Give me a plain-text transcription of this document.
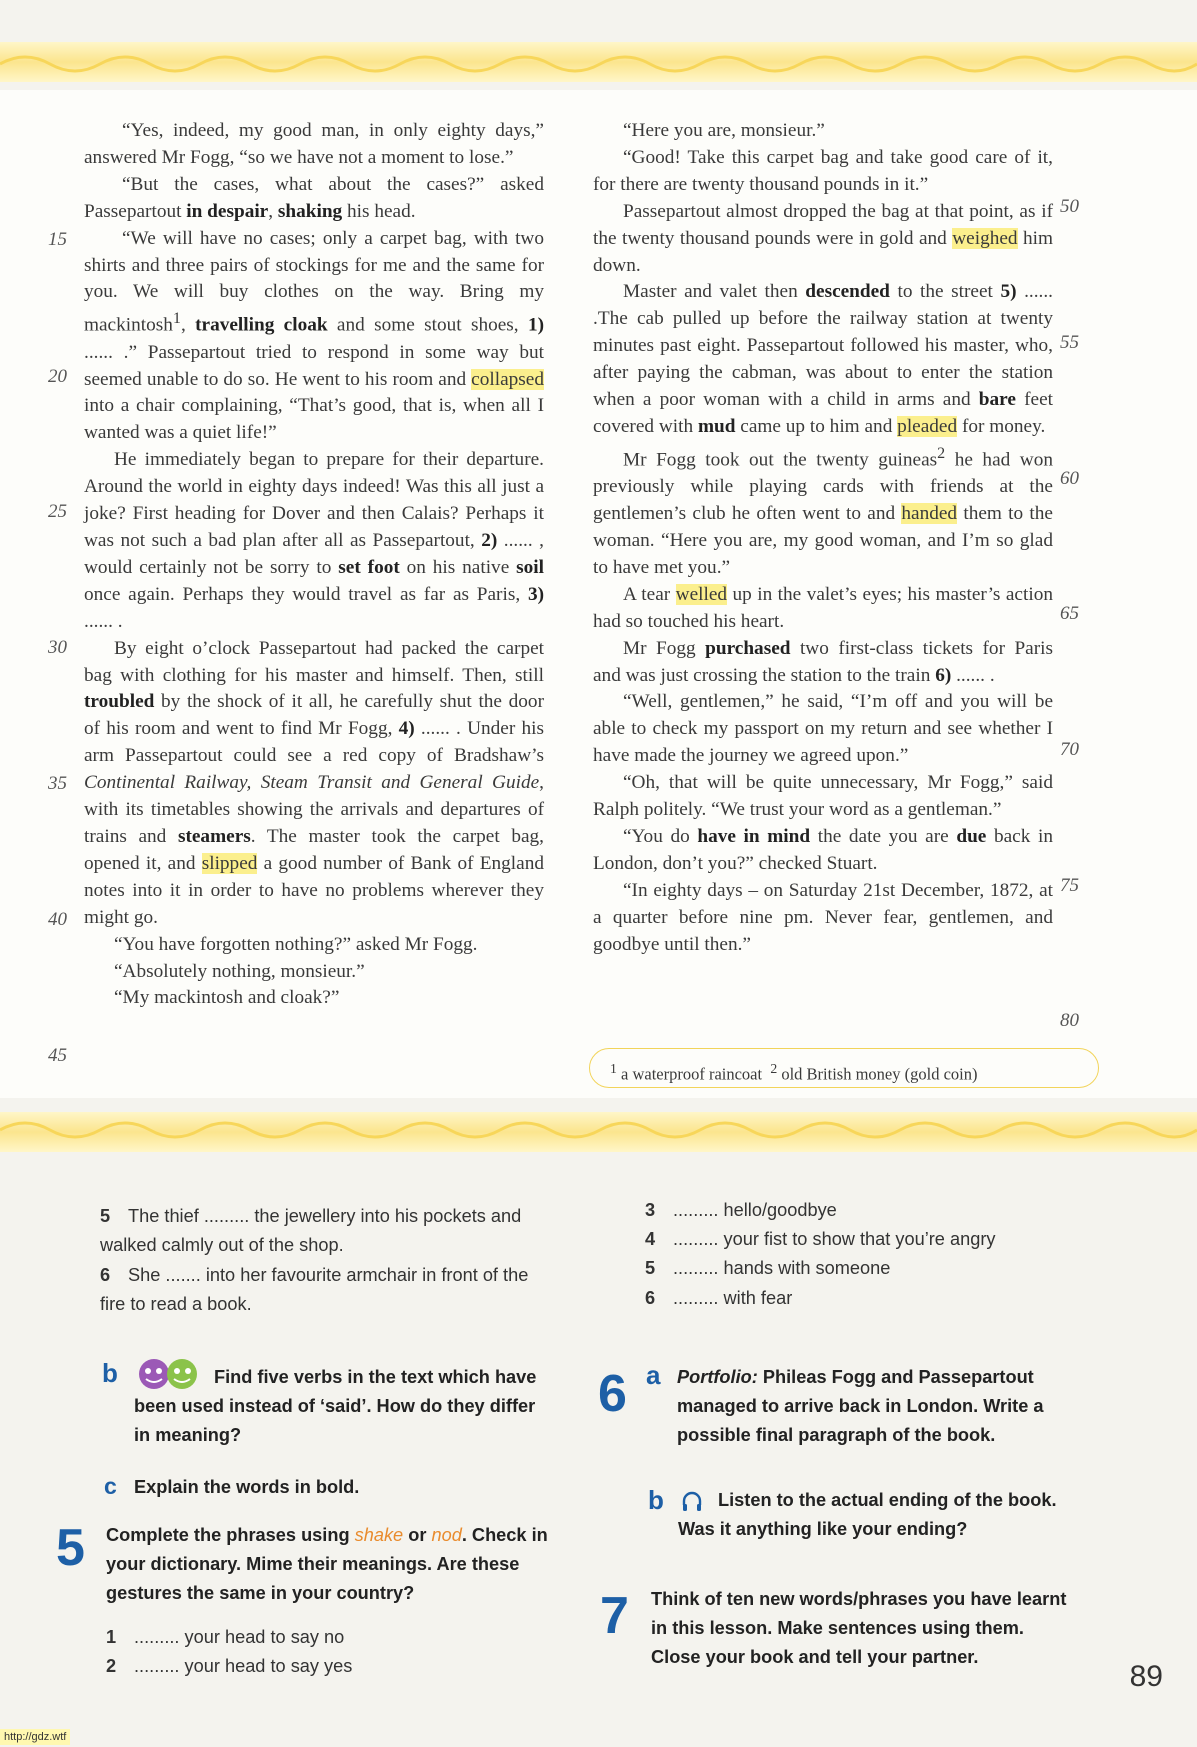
“Yes, indeed, my good man, in only eighty days,” answered Mr Fogg, “so we have not a moment to lose.”

“But the cases, what about the cases?” asked Passepartout in despair, shaking his head.

“We will have no cases; only a carpet bag, with two shirts and three pairs of stockings for me and the same for you. We will buy clothes on the way. Bring my mackintosh$^1$, travelling cloak and some stout shoes, 1) ...... .” Passepartout tried to respond in some way but seemed unable to do so. He went to his room and collapsed into a chair complaining, “That’s good, that is, when all I wanted was a quiet life!”

He immediately began to prepare for their departure. Around the world in eighty days indeed! Was this all just a joke? First heading for Dover and then Calais? Perhaps it was not such a bad plan after all as Passepartout, 2) ...... , would certainly not be sorry to set foot on his native soil once again. Perhaps they would travel as far as Paris, 3) ...... .

By eight o’clock Passepartout had packed the carpet bag with clothing for his master and himself. Then, still troubled by the shock of it all, he carefully shut the door of his room and went to find Mr Fogg, 4) ...... . Under his arm Passepartout could see a red copy of Bradshaw’s Continental Railway, Steam Transit and General Guide, with its timetables showing the arrivals and departures of trains and steamers. The master took the carpet bag, opened it, and slipped a good number of Bank of England notes into it in order to have no problems wherever they might go.

“You have forgotten nothing?” asked Mr Fogg.

“Absolutely nothing, monsieur.”

“My mackintosh and cloak?”

15
20
25
30
35
40
45

“Here you are, monsieur.”

“Good! Take this carpet bag and take good care of it, for there are twenty thousand pounds in it.”

Passepartout almost dropped the bag at that point, as if the twenty thousand pounds were in gold and weighed him down.

Master and valet then descended to the street 5) ...... .The cab pulled up before the railway station at twenty minutes past eight. Passepartout followed his master, who, after paying the cabman, was about to enter the station when a poor woman with a child in arms and bare feet covered with mud came up to him and pleaded for money.

Mr Fogg took out the twenty guineas$^2$ he had won previously while playing cards with friends at the gentlemen’s club he often went to and handed them to the woman. “Here you are, my good woman, and I’m so glad to have met you.”

A tear welled up in the valet’s eyes; his master’s action had so touched his heart.

Mr Fogg purchased two first-class tickets for Paris and was just crossing the station to the train 6) ...... .

“Well, gentlemen,” he said, “I’m off and you will be able to check my passport on my return and see whether I have made the journey we agreed upon.”

“Oh, that will be quite unnecessary, Mr Fogg,” said Ralph politely. “We trust your word as a gentleman.”

“You do have in mind the date you are due back in London, don’t you?” checked Stuart.

“In eighty days – on Saturday 21st December, 1872, at a quarter before nine pm. Never fear, gentlemen, and goodbye until then.”

50
55
60
65
70
75
80
$^1$ a waterproof raincoat $^2$ old British money (gold coin)
5 The thief ......... the jewellery into his pockets and walked calmly out of the shop.
6 She ....... into her favourite armchair in front of the fire to read a book.
b	Find five verbs in the text which have been used instead of ‘said’. How do they differ in meaning?
c Explain the words in bold.
5 Complete the phrases using shake or nod. Check in your dictionary. Mime their meanings. Are these gestures the same in your country?
1 ......... your head to say no
2 ......... your head to say yes
3 ......... hello/goodbye
4 ......... your fist to show that you’re angry
5 ......... hands with someone
6 ......... with fear
6 a Portfolio: Phileas Fogg and Passepartout managed to arrive back in London. Write a possible final paragraph of the book.
b	Listen to the actual ending of the book. Was it anything like your ending?
7 Think of ten new words/phrases you have learnt in this lesson. Make sentences using them. Close your book and tell your partner.
89
http://gdz.wtf
